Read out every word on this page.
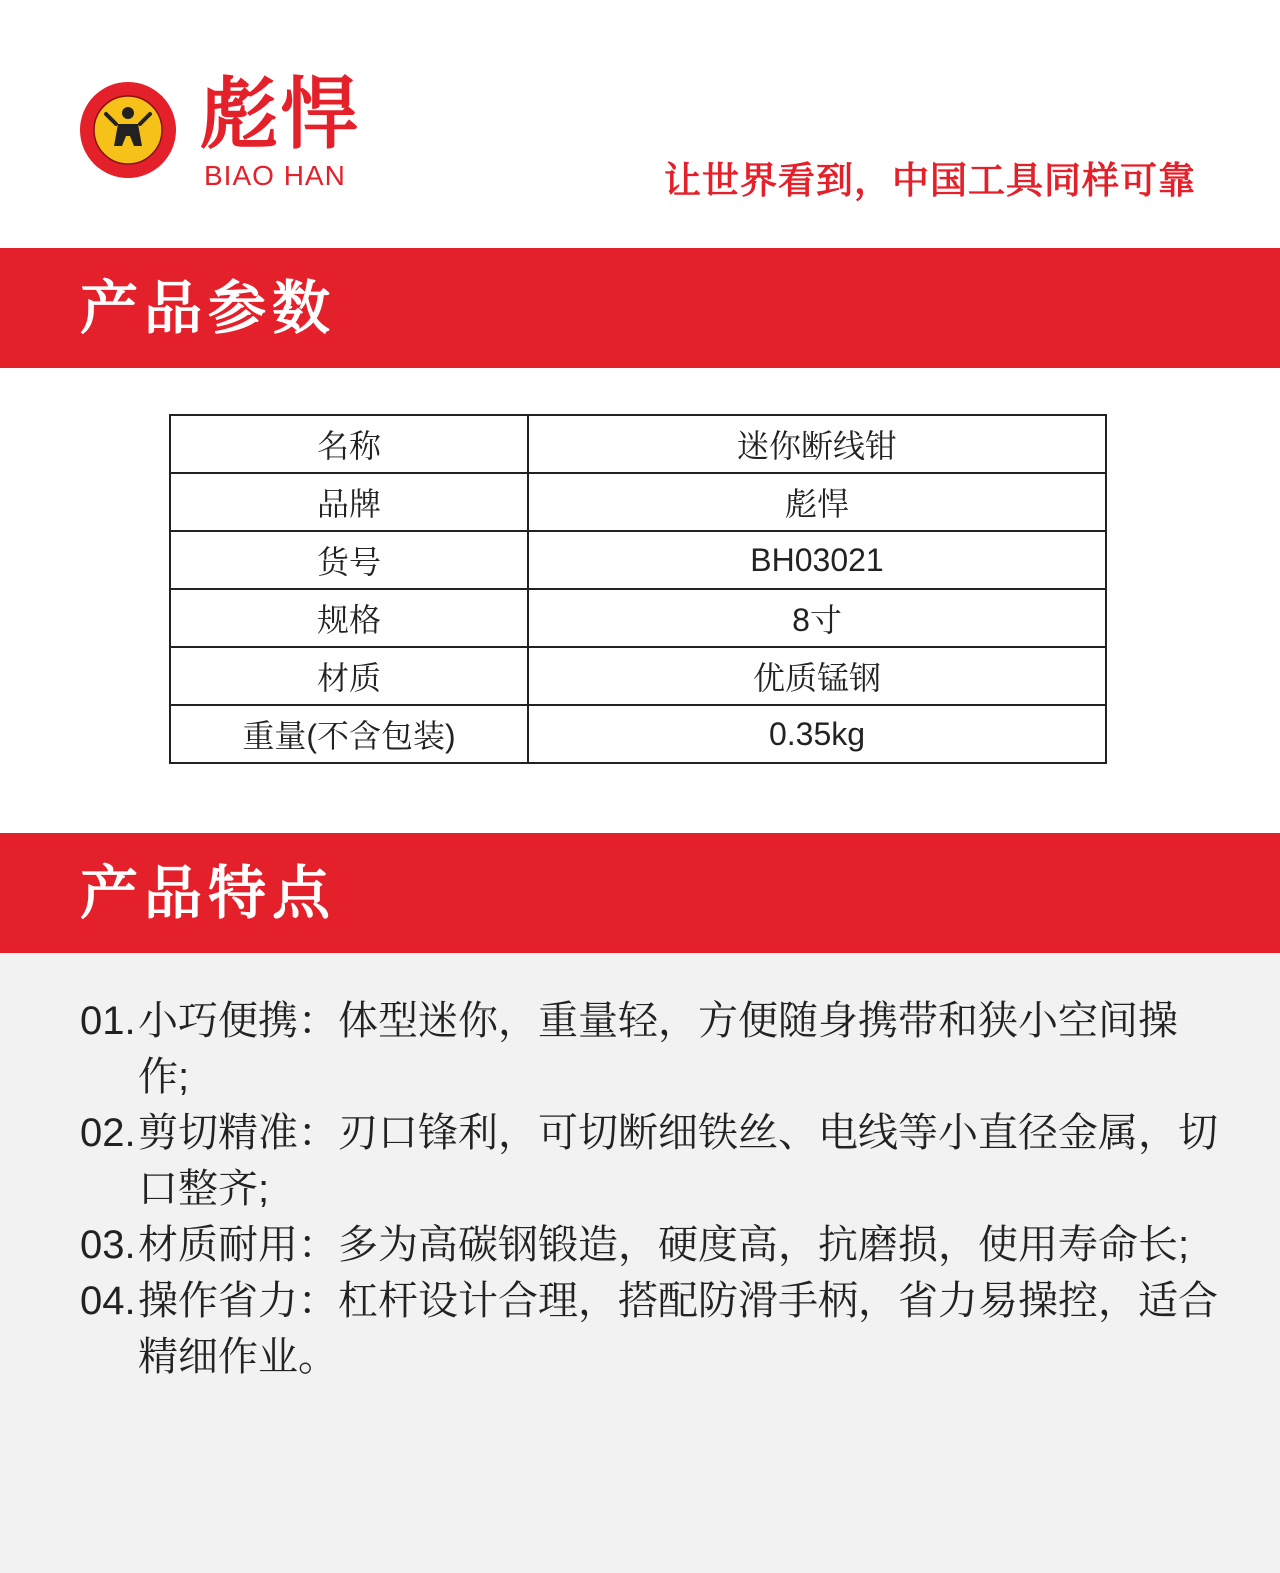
彪悍
BIAO HAN	让世界看到，中国工具同样可靠
产品参数
名称	迷你断线钳
品牌	彪悍
货号	BH03021
规格	8寸
材质	优质锰钢
重量(不含包装)	0.35kg
产品特点
01. 小巧便携：体型迷你，重量轻，方便随身携带和狭小空间操作;
02. 剪切精准：刃口锋利，可切断细铁丝、电线等小直径金属，切口整齐;
03. 材质耐用：多为高碳钢锻造，硬度高，抗磨损，使用寿命长;
04. 操作省力：杠杆设计合理，搭配防滑手柄，省力易操控，适合精细作业。
